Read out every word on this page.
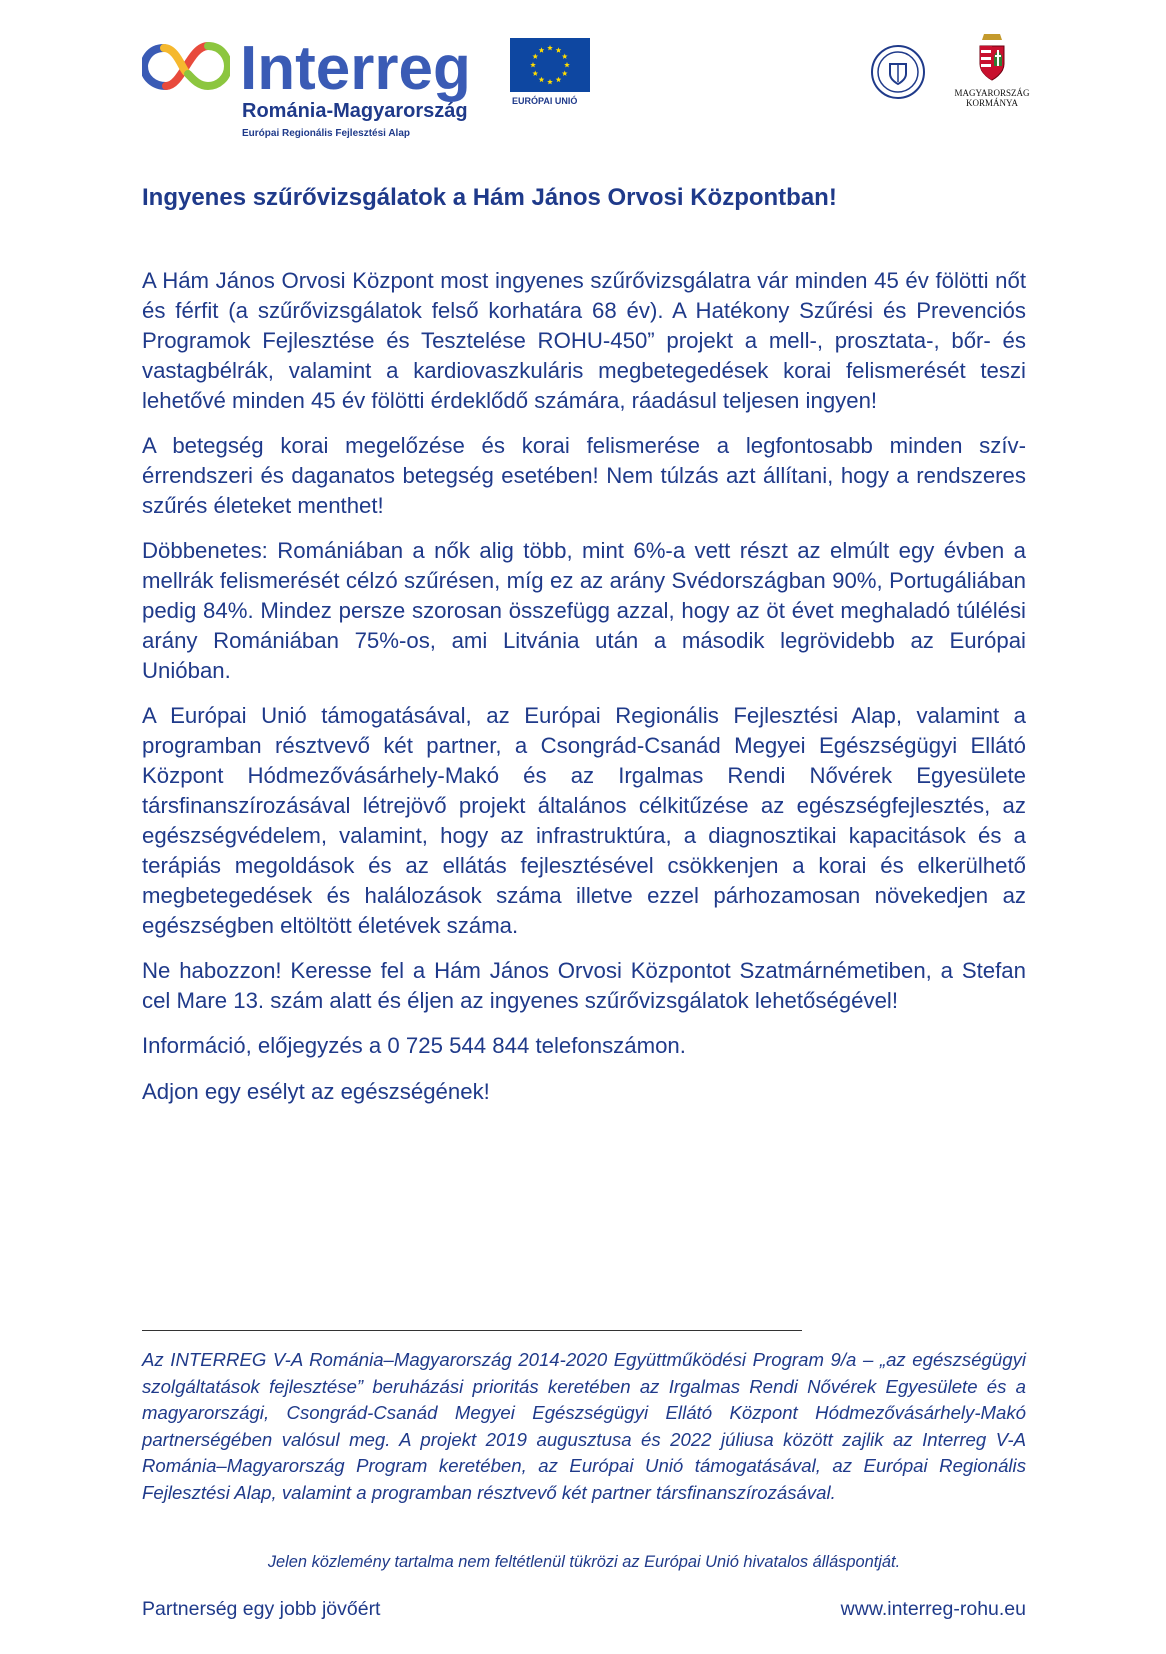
Interreg
Románia-Magyarország
Európai Regionális Fejlesztési Alap
EURÓPAI UNIÓ
MAGYARORSZÁG
KORMÁNYA
Ingyenes szűrővizsgálatok a Hám János Orvosi Központban!

A Hám János Orvosi Központ most ingyenes szűrővizsgálatra vár minden 45 év fölötti nőt és férfit (a szűrővizsgálatok felső korhatára 68 év). A Hatékony Szűrési és Prevenciós Programok Fejlesztése és Tesztelése ROHU-450” projekt a mell-, prosztata-, bőr- és vastagbélrák, valamint a kardiovaszkuláris megbetegedések korai felismerését teszi lehetővé minden 45 év fölötti érdeklődő számára, ráadásul teljesen ingyen!

A betegség korai megelőzése és korai felismerése a legfontosabb minden szív-érrendszeri és daganatos betegség esetében! Nem túlzás azt állítani, hogy a rendszeres szűrés életeket menthet!

Döbbenetes: Romániában a nők alig több, mint 6%-a vett részt az elmúlt egy évben a mellrák felismerését célzó szűrésen, míg ez az arány Svédországban 90%, Portugáliában pedig 84%. Mindez persze szorosan összefügg azzal, hogy az öt évet meghaladó túlélési arány Romániában 75%-os, ami Litvánia után a második legrövidebb az Európai Unióban.

A Európai Unió támogatásával, az Európai Regionális Fejlesztési Alap, valamint a programban résztvevő két partner, a Csongrád-Csanád Megyei Egészségügyi Ellátó Központ Hódmezővásárhely-Makó és az Irgalmas Rendi Nővérek Egyesülete társfinanszírozásával létrejövő projekt általános célkitűzése az egészségfejlesztés, az egészségvédelem, valamint, hogy az infrastruktúra, a diagnosztikai kapacitások és a terápiás megoldások és az ellátás fejlesztésével csökkenjen a korai és elkerülhető megbetegedések és halálozások száma illetve ezzel párhozamosan növekedjen az egészségben eltöltött életévek száma.

Ne habozzon! Keresse fel a Hám János Orvosi Központot Szatmárnémetiben, a Stefan cel Mare 13. szám alatt és éljen az ingyenes szűrővizsgálatok lehetőségével!

Információ, előjegyzés a 0 725 544 844 telefonszámon.

Adjon egy esélyt az egészségének!

Az INTERREG V-A Románia–Magyarország 2014-2020 Együttműködési Program 9/a – „az egészségügyi szolgáltatások fejlesztése” beruházási prioritás keretében az Irgalmas Rendi Nővérek Egyesülete és a magyarországi, Csongrád-Csanád Megyei Egészségügyi Ellátó Központ Hódmezővásárhely-Makó partnerségében valósul meg. A projekt 2019 augusztusa és 2022 júliusa között zajlik az Interreg V-A Románia–Magyarország Program keretében, az Európai Unió támogatásával, az Európai Regionális Fejlesztési Alap, valamint a programban résztvevő két partner társfinanszírozásával.

Jelen közlemény tartalma nem feltétlenül tükrözi az Európai Unió hivatalos álláspontját.
Partnerség egy jobb jövőért	www.interreg-rohu.eu
